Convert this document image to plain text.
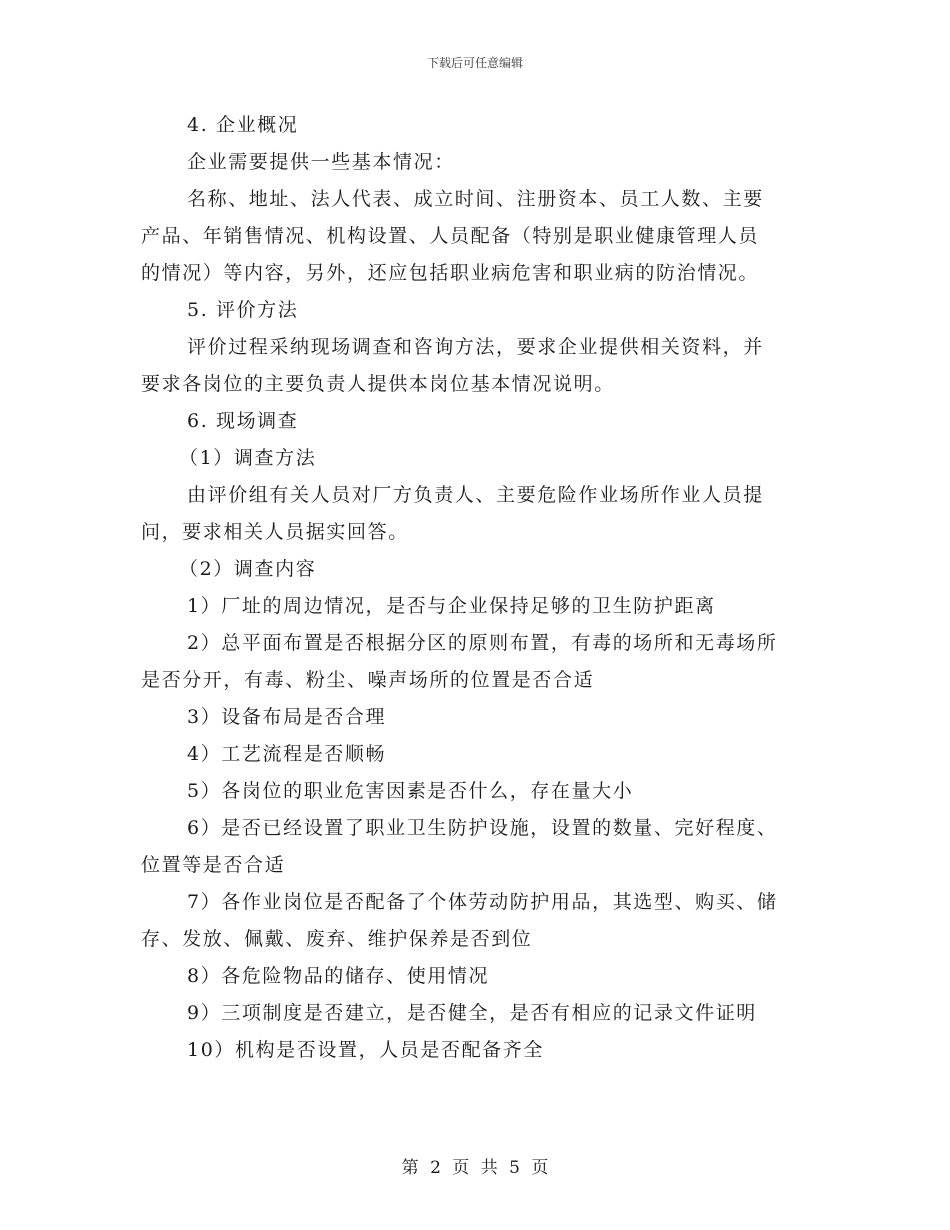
下载后可任意编辑

4. 企业概况

企业需要提供一些基本情况：

名称、地址、法人代表、成立时间、注册资本、员工人数、主要

产品、年销售情况、机构设置、人员配备（特别是职业健康管理人员

的情况）等内容，另外，还应包括职业病危害和职业病的防治情况。

5. 评价方法

评价过程采纳现场调查和咨询方法，要求企业提供相关资料，并

要求各岗位的主要负责人提供本岗位基本情况说明。

6. 现场调查

（1）调查方法

由评价组有关人员对厂方负责人、主要危险作业场所作业人员提

问，要求相关人员据实回答。

（2）调查内容

1）厂址的周边情况，是否与企业保持足够的卫生防护距离

2）总平面布置是否根据分区的原则布置，有毒的场所和无毒场所

是否分开，有毒、粉尘、噪声场所的位置是否合适

3）设备布局是否合理

4）工艺流程是否顺畅

5）各岗位的职业危害因素是否什么，存在量大小

6）是否已经设置了职业卫生防护设施，设置的数量、完好程度、

位置等是否合适

7）各作业岗位是否配备了个体劳动防护用品，其选型、购买、储

存、发放、佩戴、废弃、维护保养是否到位

8）各危险物品的储存、使用情况

9）三项制度是否建立，是否健全，是否有相应的记录文件证明

10）机构是否设置，人员是否配备齐全

第 2 页 共 5 页
